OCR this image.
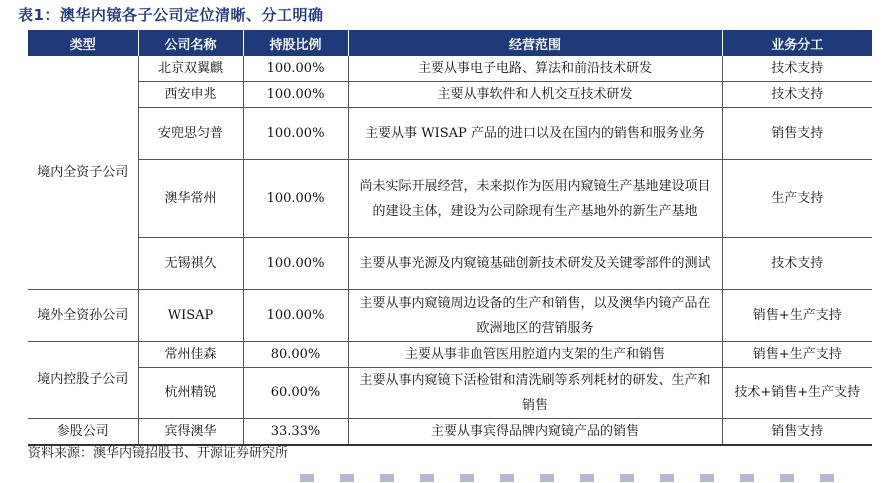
表1：澳华内镜各子公司定位清晰、分工明确
类型	公司名称	持股比例	经营范围	业务分工
境内全资子公司	北京双翼麒	100.00%	主要从事电子电路、算法和前沿技术研发	技术支持
	西安申兆	100.00%	主要从事软件和人机交互技术研发	技术支持
	安兜思匀普	100.00%	主要从事 WISAP 产品的进口以及在国内的销售和服务业务	销售支持
	澳华常州	100.00%	尚未实际开展经营，未来拟作为医用内窥镜生产基地建设项目的建设主体，建设为公司除现有生产基地外的新生产基地	生产支持
	无锡祺久	100.00%	主要从事光源及内窥镜基础创新技术研发及关键零部件的测试	技术支持
境外全资孙公司	WISAP	100.00%	主要从事内窥镜周边设备的生产和销售，以及澳华内镜产品在欧洲地区的营销服务	销售+生产支持
境内控股子公司	常州佳森	80.00%	主要从事非血管医用腔道内支架的生产和销售	销售+生产支持
	杭州精锐	60.00%	主要从事内窥镜下活检钳和清洗刷等系列耗材的研发、生产和销售	技术+销售+生产支持
参股公司	宾得澳华	33.33%	主要从事宾得品牌内窥镜产品的销售	销售支持
资料来源：澳华内镜招股书、开源证券研究所
